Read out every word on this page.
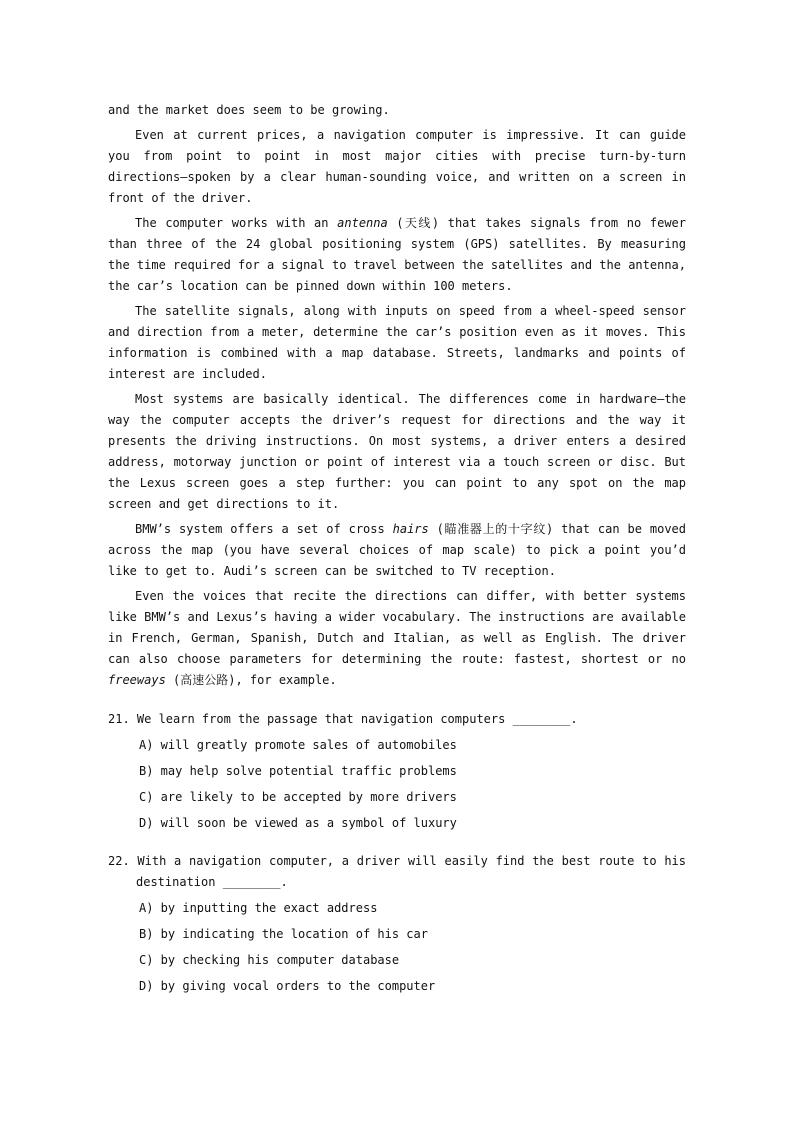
and the market does seem to be growing.

Even at current prices, a navigation computer is impressive. It can guide you from point to point in most major cities with precise turn-by-turn directions—spoken by a clear human-sounding voice, and written on a screen in front of the driver.

The computer works with an antenna (天线) that takes signals from no fewer than three of the 24 global positioning system (GPS) satellites. By measuring the time required for a signal to travel between the satellites and the antenna, the car’s location can be pinned down within 100 meters.

The satellite signals, along with inputs on speed from a wheel-speed sensor and direction from a meter, determine the car’s position even as it moves. This information is combined with a map database. Streets, landmarks and points of interest are included.

Most systems are basically identical. The differences come in hardware—the way the computer accepts the driver’s request for directions and the way it presents the driving instructions. On most systems, a driver enters a desired address, motorway junction or point of interest via a touch screen or disc. But the Lexus screen goes a step further: you can point to any spot on the map screen and get directions to it.

BMW’s system offers a set of cross hairs (瞄准器上的十字纹) that can be moved across the map (you have several choices of map scale) to pick a point you’d like to get to. Audi’s screen can be switched to TV reception.

Even the voices that recite the directions can differ, with better systems like BMW’s and Lexus’s having a wider vocabulary. The instructions are available in French, German, Spanish, Dutch and Italian, as well as English. The driver can also choose parameters for determining the route: fastest, shortest or no freeways (高速公路), for example.

21. We learn from the passage that navigation computers ________.

A) will greatly promote sales of automobiles

B) may help solve potential traffic problems

C) are likely to be accepted by more drivers

D) will soon be viewed as a symbol of luxury

22. With a navigation computer, a driver will easily find the best route to his destination ________.

A) by inputting the exact address

B) by indicating the location of his car

C) by checking his computer database

D) by giving vocal orders to the computer
